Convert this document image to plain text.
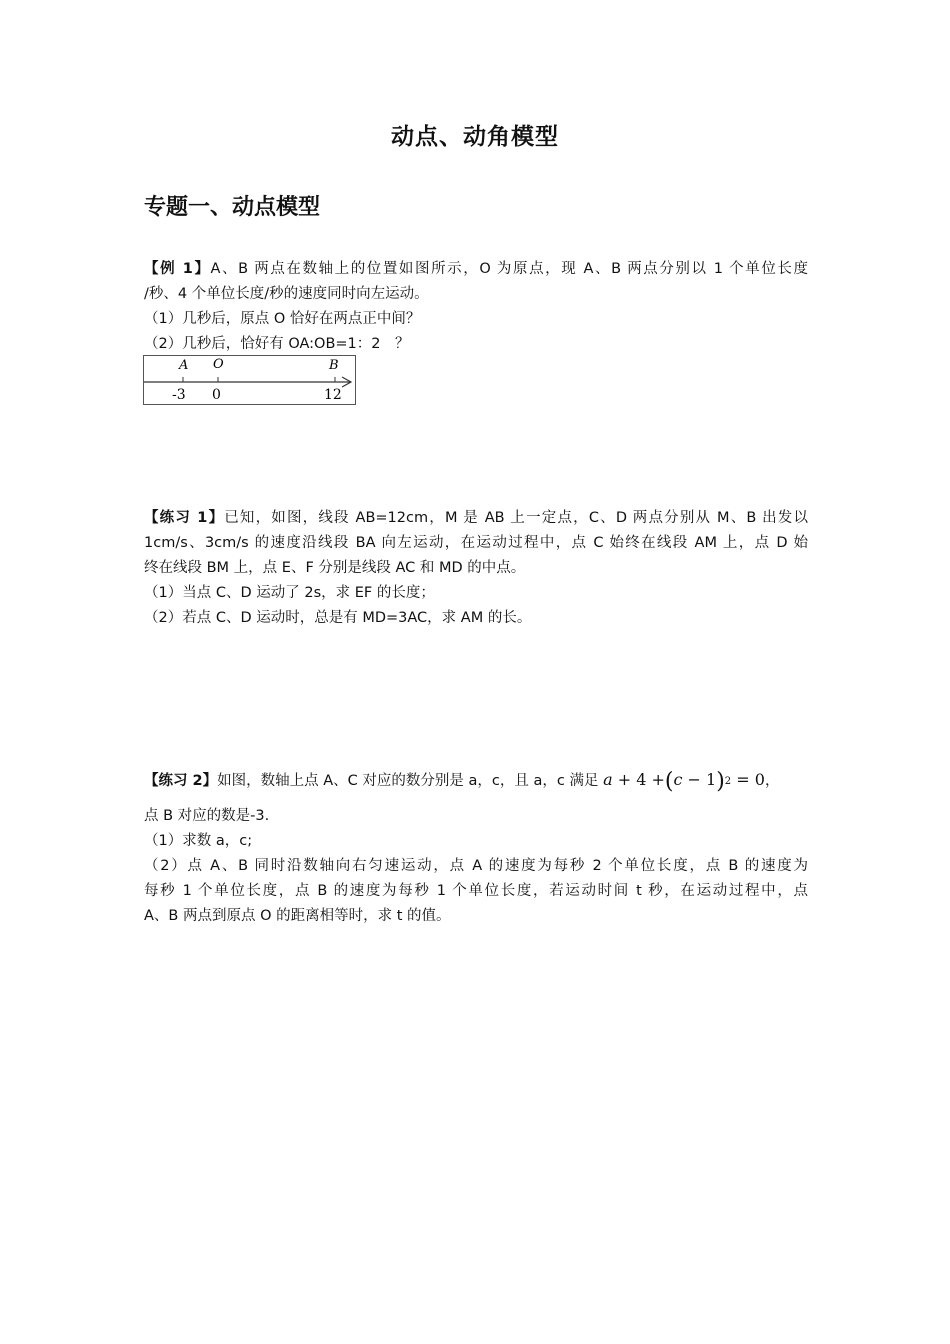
动点、动角模型
专题一、动点模型
【例 1】A、B 两点在数轴上的位置如图所示，O 为原点，现 A、B 两点分别以 1 个单位长度
/秒、4 个单位长度/秒的速度同时向左运动。
（1）几秒后，原点 O 恰好在两点正中间？
（2）几秒后，恰好有 OA:OB=1：2　？
A O	B
-3 0	12
【练习 1】已知，如图，线段 AB=12cm，M 是 AB 上一定点，C、D 两点分别从 M、B 出发以
1cm/s、3cm/s 的速度沿线段 BA 向左运动，在运动过程中，点 C 始终在线段 AM 上，点 D 始
终在线段 BM 上，点 E、F 分别是线段 AC 和 MD 的中点。
（1）当点 C、D 运动了 2s，求 EF 的长度；
（2）若点 C、D 运动时，总是有 MD=3AC，求 AM 的长。
【练习 2】如图，数轴上点 A、C 对应的数分别是 a，c，且 a，c 满足 a + 4 +(c − 1)2 = 0，
点 B 对应的数是-3.
（1）求数 a，c;
（2）点 A、B 同时沿数轴向右匀速运动，点 A 的速度为每秒 2 个单位长度，点 B 的速度为
每秒 1 个单位长度，点 B 的速度为每秒 1 个单位长度，若运动时间 t 秒，在运动过程中，点
A、B 两点到原点 O 的距离相等时，求 t 的值。
